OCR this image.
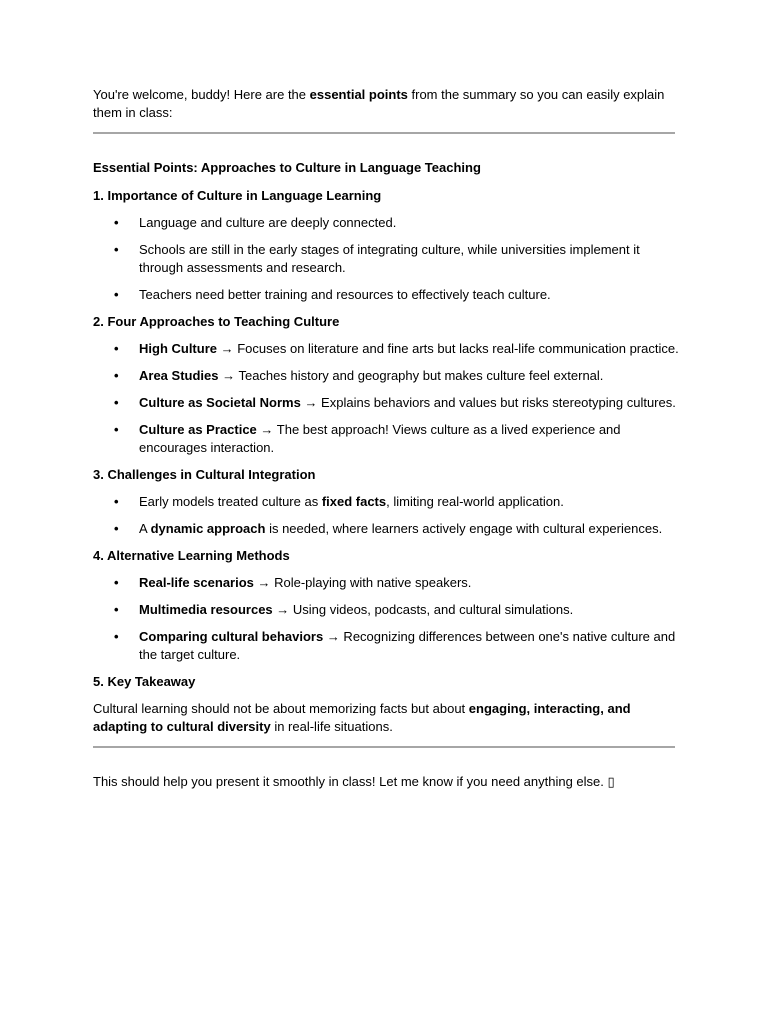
You're welcome, buddy! Here are the essential points from the summary so you can easily explain them in class:

Essential Points: Approaches to Culture in Language Teaching

1. Importance of Culture in Language Learning

• Language and culture are deeply connected.
• Schools are still in the early stages of integrating culture, while universities implement it through assessments and research.
• Teachers need better training and resources to effectively teach culture.

2. Four Approaches to Teaching Culture

• High Culture → Focuses on literature and fine arts but lacks real-life communication practice.
• Area Studies → Teaches history and geography but makes culture feel external.
• Culture as Societal Norms → Explains behaviors and values but risks stereotyping cultures.
• Culture as Practice → The best approach! Views culture as a lived experience and encourages interaction.

3. Challenges in Cultural Integration

• Early models treated culture as fixed facts, limiting real-world application.
• A dynamic approach is needed, where learners actively engage with cultural experiences.

4. Alternative Learning Methods

• Real-life scenarios → Role-playing with native speakers.
• Multimedia resources → Using videos, podcasts, and cultural simulations.
• Comparing cultural behaviors → Recognizing differences between one's native culture and the target culture.

5. Key Takeaway

Cultural learning should not be about memorizing facts but about engaging, interacting, and adapting to cultural diversity in real-life situations.

This should help you present it smoothly in class! Let me know if you need anything else. ▯
